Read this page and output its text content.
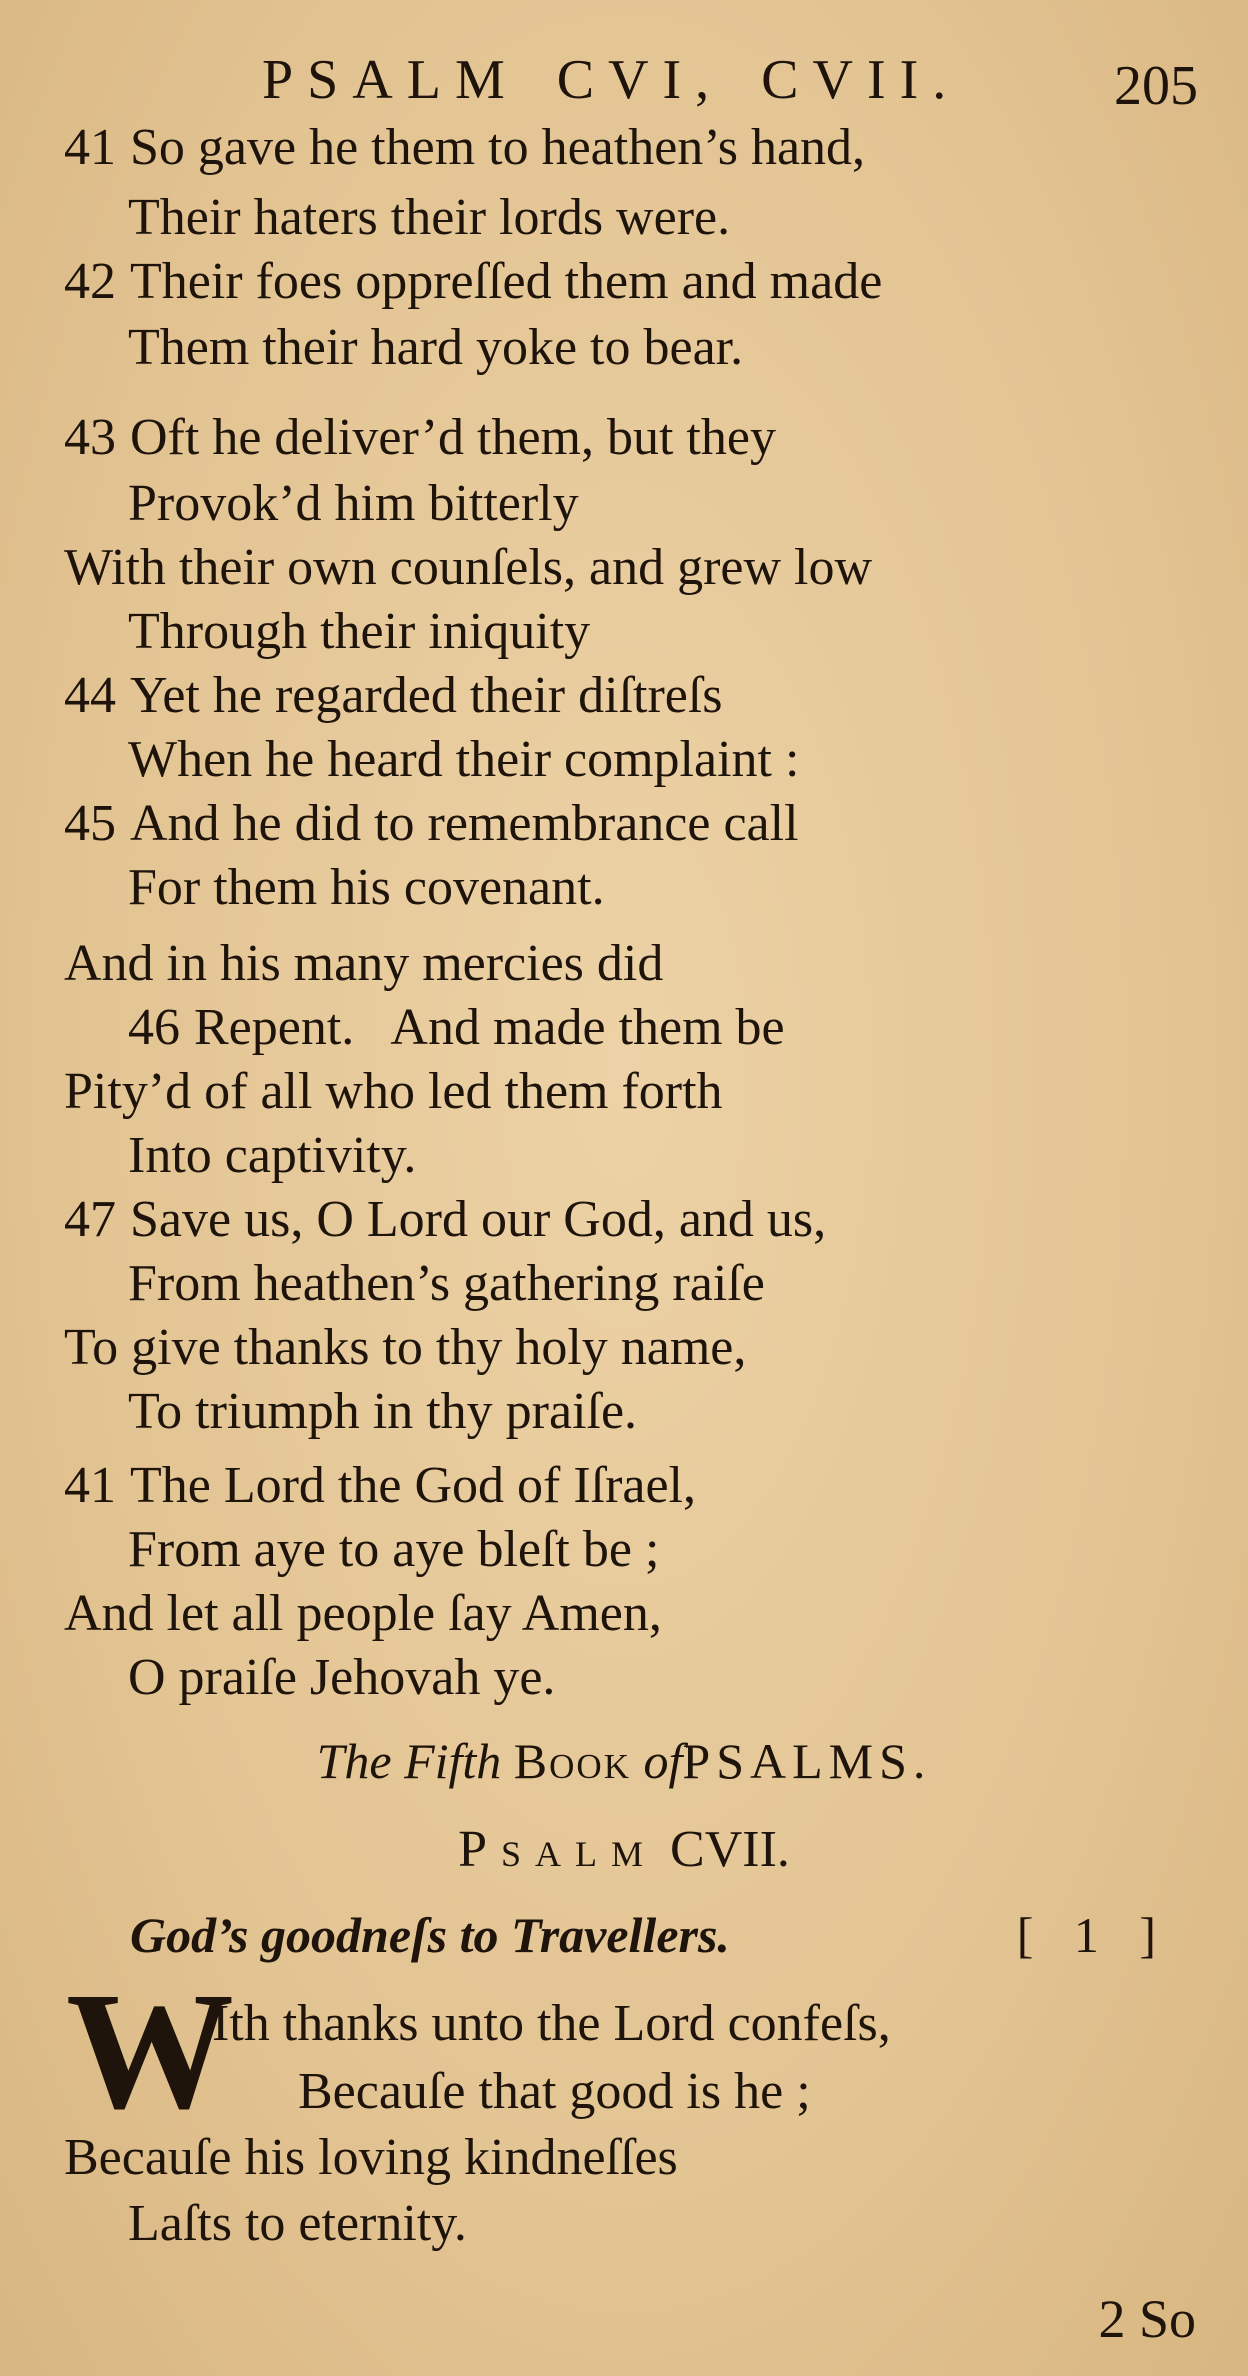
PSALM CVI, CVII.	205
41 So gave he them to heathen’s hand,
Their haters their lords were.
42 Their foes oppreſſed them and made
Them their hard yoke to bear.
43 Oft he deliver’d them, but they
Provok’d him bitterly
With their own counſels, and grew low
Through their iniquity
44 Yet he regarded their diſtreſs
When he heard their complaint :
45 And he did to remembrance call
For them his covenant.
And in his many mercies did
46 Repent.   And made them be
Pity’d of all who led them forth
Into captivity.
47 Save us, O Lord our God, and us,
From heathen’s gathering raiſe
To give thanks to thy holy name,
To triumph in thy praiſe.
41 The Lord the God of Iſrael,
From aye to aye bleſt be ;
And let all people ſay Amen,
O praiſe Jehovah ye.
The Fifth Book ofPSALMS.
Psalm CVII.
God’s goodneſs to Travellers.	[ 1 ]
W
Ith thanks unto the Lord confeſs,
Becauſe that good is he ;
Becauſe his loving kindneſſes
Laſts to eternity.
2 So
